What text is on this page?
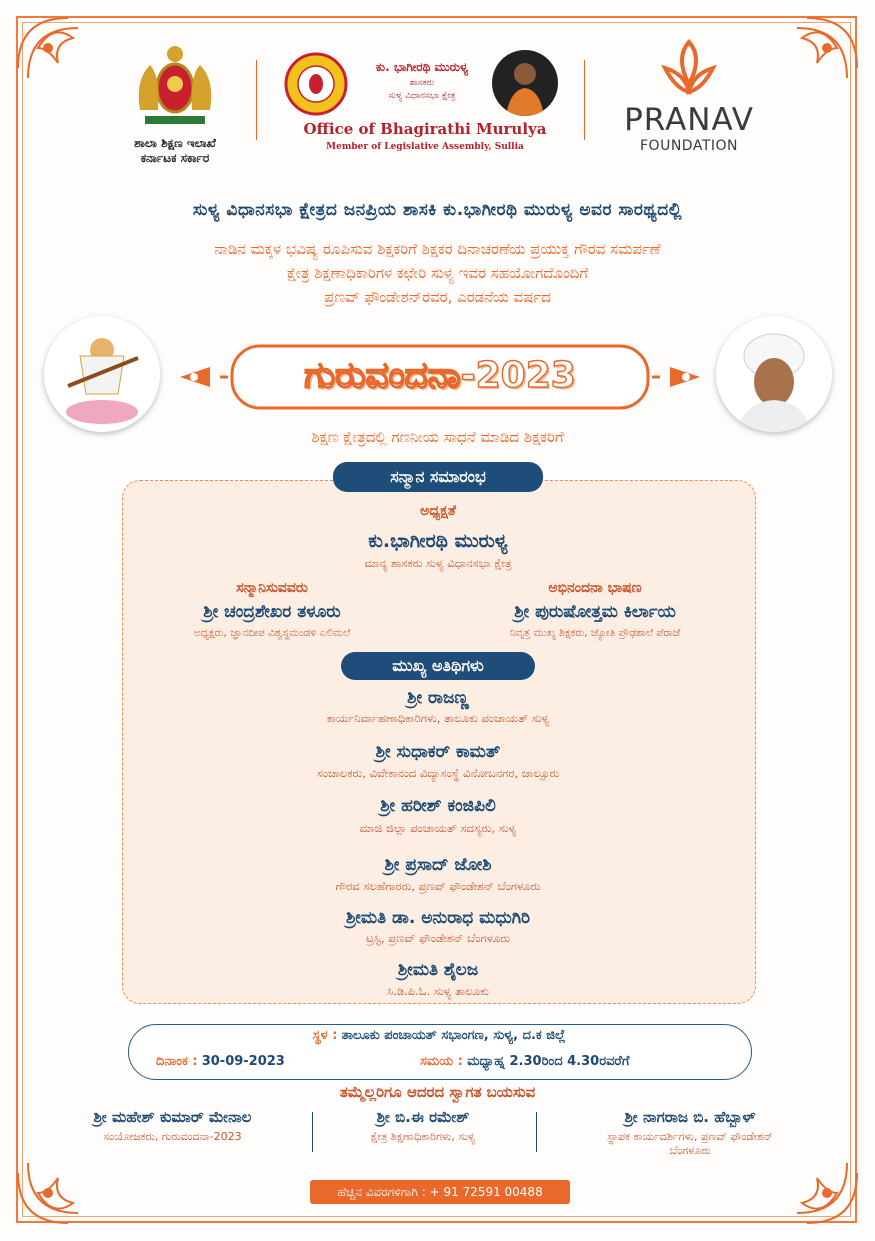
ಶಾಲಾ ಶಿಕ್ಷಣ ಇಲಾಖೆ
ಕರ್ನಾಟಕ ಸರ್ಕಾರ
ಕು. ಭಾಗೀರಥಿ ಮುರುಳ್ಯ
ಶಾಸಕರು
ಸುಳ್ಯ ವಿಧಾನಸಭಾ ಕ್ಷೇತ್ರ
Office of Bhagirathi Murulya
Member of Legislative Assembly, Sullia
PRANAV
FOUNDATION
ಸುಳ್ಯ ವಿಧಾನಸಭಾ ಕ್ಷೇತ್ರದ ಜನಪ್ರಿಯ ಶಾಸಕಿ ಕು.ಭಾಗೀರಥಿ ಮುರುಳ್ಯ ಅವರ ಸಾರಥ್ಯದಲ್ಲಿ
ನಾಡಿನ ಮಕ್ಕಳ ಭವಿಷ್ಯ ರೂಪಿಸುವ ಶಿಕ್ಷಕರಿಗೆ ಶಿಕ್ಷಕರ ದಿನಾಚರಣೆಯ ಪ್ರಯುಕ್ತ ಗೌರವ ಸಮರ್ಪಣೆ
ಕ್ಷೇತ್ರ ಶಿಕ್ಷಣಾಧಿಕಾರಿಗಳ ಕಛೇರಿ ಸುಳ್ಯ ಇವರ ಸಹಯೋಗದೊಂದಿಗೆ
ಪ್ರಣವ್ ಫೌಂಡೇಶನ್‌ರವರ, ಎರಡನೆಯ ವರ್ಷದ
ಗುರುವಂದನಾ-2023
ಶಿಕ್ಷಣ ಕ್ಷೇತ್ರದಲ್ಲಿ ಗಣನೀಯ ಸಾಧನೆ ಮಾಡಿದ ಶಿಕ್ಷಕರಿಗೆ
ಸನ್ಮಾನ ಸಮಾರಂಭ
ಅಧ್ಯಕ್ಷತೆ
ಕು.ಭಾಗೀರಥಿ ಮುರುಳ್ಯ
ಮಾನ್ಯ ಶಾಸಕರು ಸುಳ್ಯ ವಿಧಾನಸಭಾ ಕ್ಷೇತ್ರ
ಸನ್ಮಾನಿಸುವವರು
ಶ್ರೀ ಚಂದ್ರಶೇಖರ ತಳೂರು
ಅಧ್ಯಕ್ಷರು, ಜ್ಞಾನದೀಪ ವಿಶ್ವಸ್ಥಮಂಡಳಿ ಎಲಿಮಲೆ
ಅಭಿನಂದನಾ ಭಾಷಣ
ಶ್ರೀ ಪುರುಷೋತ್ತಮ ಕಿರ್ಲಾಯ
ನಿವೃತ್ತ ಮುಖ್ಯ ಶಿಕ್ಷಕರು, ಜ್ಯೋತಿ ಪ್ರೌಢಶಾಲೆ ಪೆರಾಜೆ
ಮುಖ್ಯ ಅತಿಥಿಗಳು
ಶ್ರೀ ರಾಜಣ್ಣ
ಕಾರ್ಯನಿರ್ವಾಹಣಾಧಿಕಾರಿಗಳು, ತಾಲೂಕು ಪಂಚಾಯತ್ ಸುಳ್ಯ
ಶ್ರೀ ಸುಧಾಕರ್ ಕಾಮತ್
ಸಂಚಾಲಕರು, ವಿವೇಕಾನಂದ ವಿದ್ಯಾಸಂಸ್ಥೆ ವಿನೋಬನಗರ, ಜಾಲ್ಸೂರು
ಶ್ರೀ ಹರೀಶ್ ಕಂಜಿಪಿಲಿ
ಮಾಜಿ ಜಿಲ್ಲಾ ಪಂಚಾಯತ್ ಸದಸ್ಯರು, ಸುಳ್ಯ
ಶ್ರೀ ಪ್ರಸಾದ್ ಜೋಶಿ
ಗೌರವ ಸಲಹೆಗಾರರು, ಪ್ರಣವ್ ಫೌಂಡೇಶನ್ ಬೆಂಗಳೂರು
ಶ್ರೀಮತಿ ಡಾ. ಅನುರಾಧ ಮಧುಗಿರಿ
ಟ್ರಸ್ಟಿ, ಪ್ರಣವ್ ಫೌಂಡೇಶನ್ ಬೆಂಗಳೂರು
ಶ್ರೀಮತಿ ಶೈಲಜ
ಸಿ.ಡಿ.ಪಿ.ಓ. ಸುಳ್ಯ ತಾಲೂಕು
ಸ್ಥಳ : ತಾಲೂಕು ಪಂಚಾಯತ್ ಸಭಾಂಗಣ, ಸುಳ್ಯ, ದ.ಕ ಜಿಲ್ಲೆ
ದಿನಾಂಕ : 30-09-2023	ಸಮಯ : ಮಧ್ಯಾಹ್ನ 2.30ರಿಂದ 4.30ರವರೆಗೆ
ತಮ್ಮೆಲ್ಲರಿಗೂ ಆದರದ ಸ್ವಾಗತ ಬಯಸುವ
ಶ್ರೀ ಮಹೇಶ್ ಕುಮಾರ್ ಮೇನಾಲ
ಸಂಯೋಜಕರು, ಗುರುವಂದನಾ-2023
ಶ್ರೀ ಬಿ.ಈ ರಮೇಶ್
ಕ್ಷೇತ್ರ ಶಿಕ್ಷಣಾಧಿಕಾರಿಗಳು, ಸುಳ್ಯ
ಶ್ರೀ ನಾಗರಾಜ ಬಿ. ಹೆಬ್ಬಾಳ್
ಸ್ಥಾಪಕ ಕಾರ್ಯದರ್ಶಿಗಳು, ಪ್ರಣವ್ ಫೌಂಡೇಶನ್
ಬೆಂಗಳೂರು
ಹೆಚ್ಚಿನ ವಿವರಗಳಿಗಾಗಿ : + 91 72591 00488
